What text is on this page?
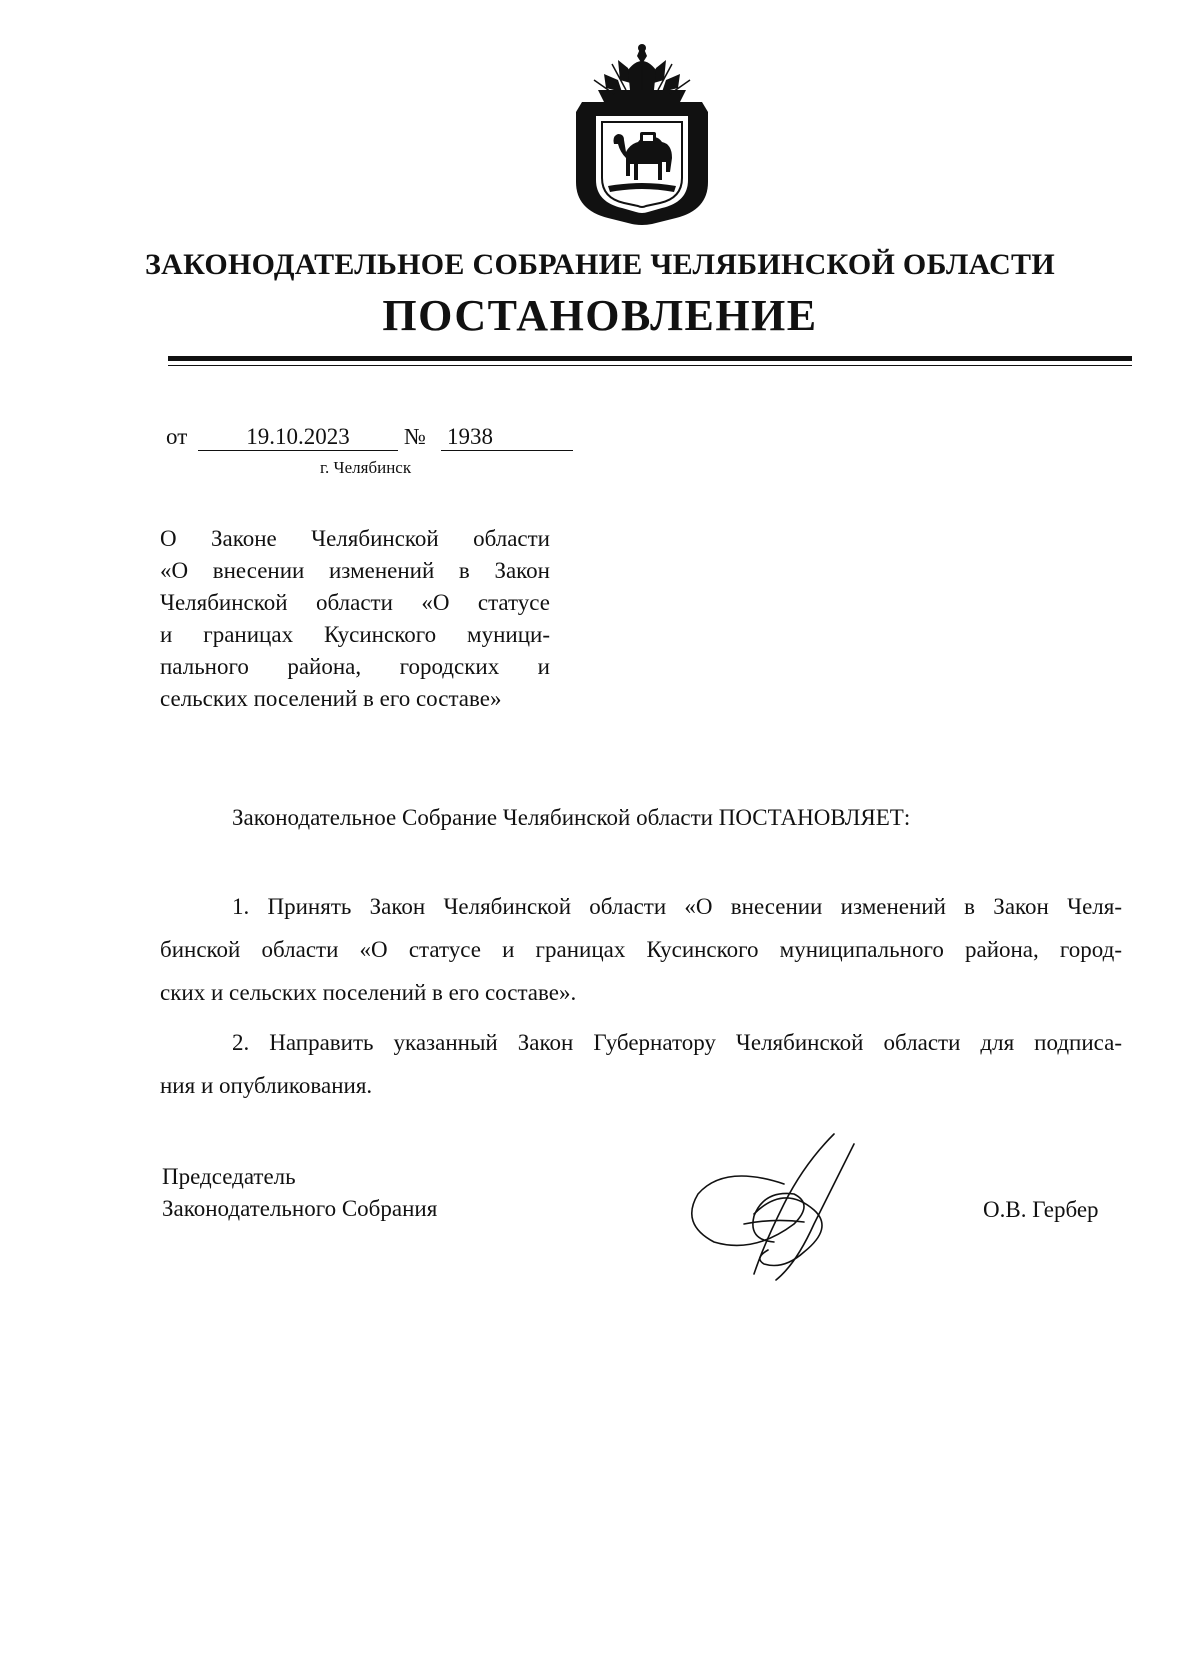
ЗАКОНОДАТЕЛЬНОЕ СОБРАНИЕ ЧЕЛЯБИНСКОЙ ОБЛАСТИ
ПОСТАНОВЛЕНИЕ
от	19.10.2023	№ 1938
г. Челябинск
О Законе Челябинской области
«О внесении изменений в Закон
Челябинской области «О статусе
и границах Кусинского муници-
пального района, городских и
сельских поселений в его составе»
Законодательное Собрание Челябинской области ПОСТАНОВЛЯЕТ:
1. Принять Закон Челябинской области «О внесении изменений в Закон Челя-
бинской области «О статусе и границах Кусинского муниципального района, город-
ских и сельских поселений в его составе».
2. Направить указанный Закон Губернатору Челябинской области для подписа-
ния и опубликования.
Председатель
Законодательного Собрания	О.В. Гербер
